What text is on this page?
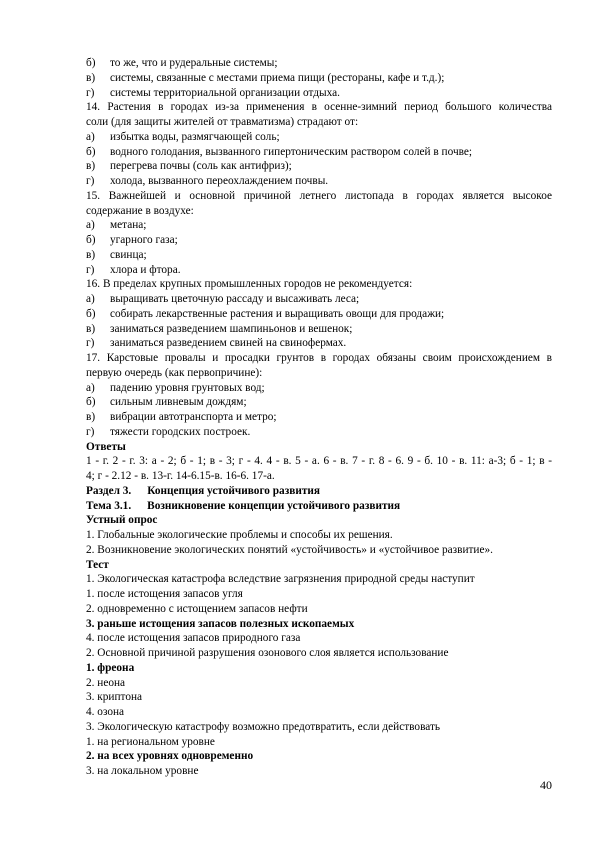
б)	то же, что и рудеральные системы;
в)	системы, связанные с местами приема пищи (рестораны, кафе и т.д.);
г)	системы территориальной организации отдыха.
14. Растения в городах из-за применения в осенне-зимний период большого количества
соли (для защиты жителей от травматизма) страдают от:
а)	избытка воды, размягчающей соль;
б)	водного голодания, вызванного гипертоническим раствором солей в почве;
в)	перегрева почвы (соль как антифриз);
г)	холода, вызванного переохлаждением почвы.
15. Важнейшей и основной причиной летнего листопада в городах является высокое
содержание в воздухе:
а)	метана;
б)	угарного газа;
в)	свинца;
г)	хлора и фтора.
16. В пределах крупных промышленных городов не рекомендуется:
а)	выращивать цветочную рассаду и высаживать леса;
б)	собирать лекарственные растения и выращивать овощи для продажи;
в)	заниматься разведением шампиньонов и вешенок;
г)	заниматься разведением свиней на свинофермах.
17. Карстовые провалы и просадки грунтов в городах обязаны своим происхождением в
первую очередь (как первопричине):
а)	падению уровня грунтовых вод;
б)	сильным ливневым дождям;
в)	вибрации автотранспорта и метро;
г)	тяжести городских построек.
Ответы
1 - г. 2 - г. 3: а - 2; б - 1; в - 3; г - 4. 4 - в. 5 - а. 6 - в. 7 - г. 8 - 6. 9 - б. 10 - в. 11: а-3; б - 1; в -
4; г - 2.12 - в. 13-г. 14-6.15-в. 16-6. 17-а.
Раздел 3. Концепция устойчивого развития
Тема 3.1. Возникновение концепции устойчивого развития
Устный опрос
1. Глобальные экологические проблемы и способы их решения.
2. Возникновение экологических понятий «устойчивость» и «устойчивое развитие».
Тест
1. Экологическая катастрофа вследствие загрязнения природной среды наступит
1. после истощения запасов угля
2. одновременно с истощением запасов нефти
3. раньше истощения запасов полезных ископаемых
4. после истощения запасов природного газа
2. Основной причиной разрушения озонового слоя является использование
1. фреона
2. неона
3. криптона
4. озона
3. Экологическую катастрофу возможно предотвратить, если действовать
1. на региональном уровне
2. на всех уровнях одновременно
3. на локальном уровне
40
